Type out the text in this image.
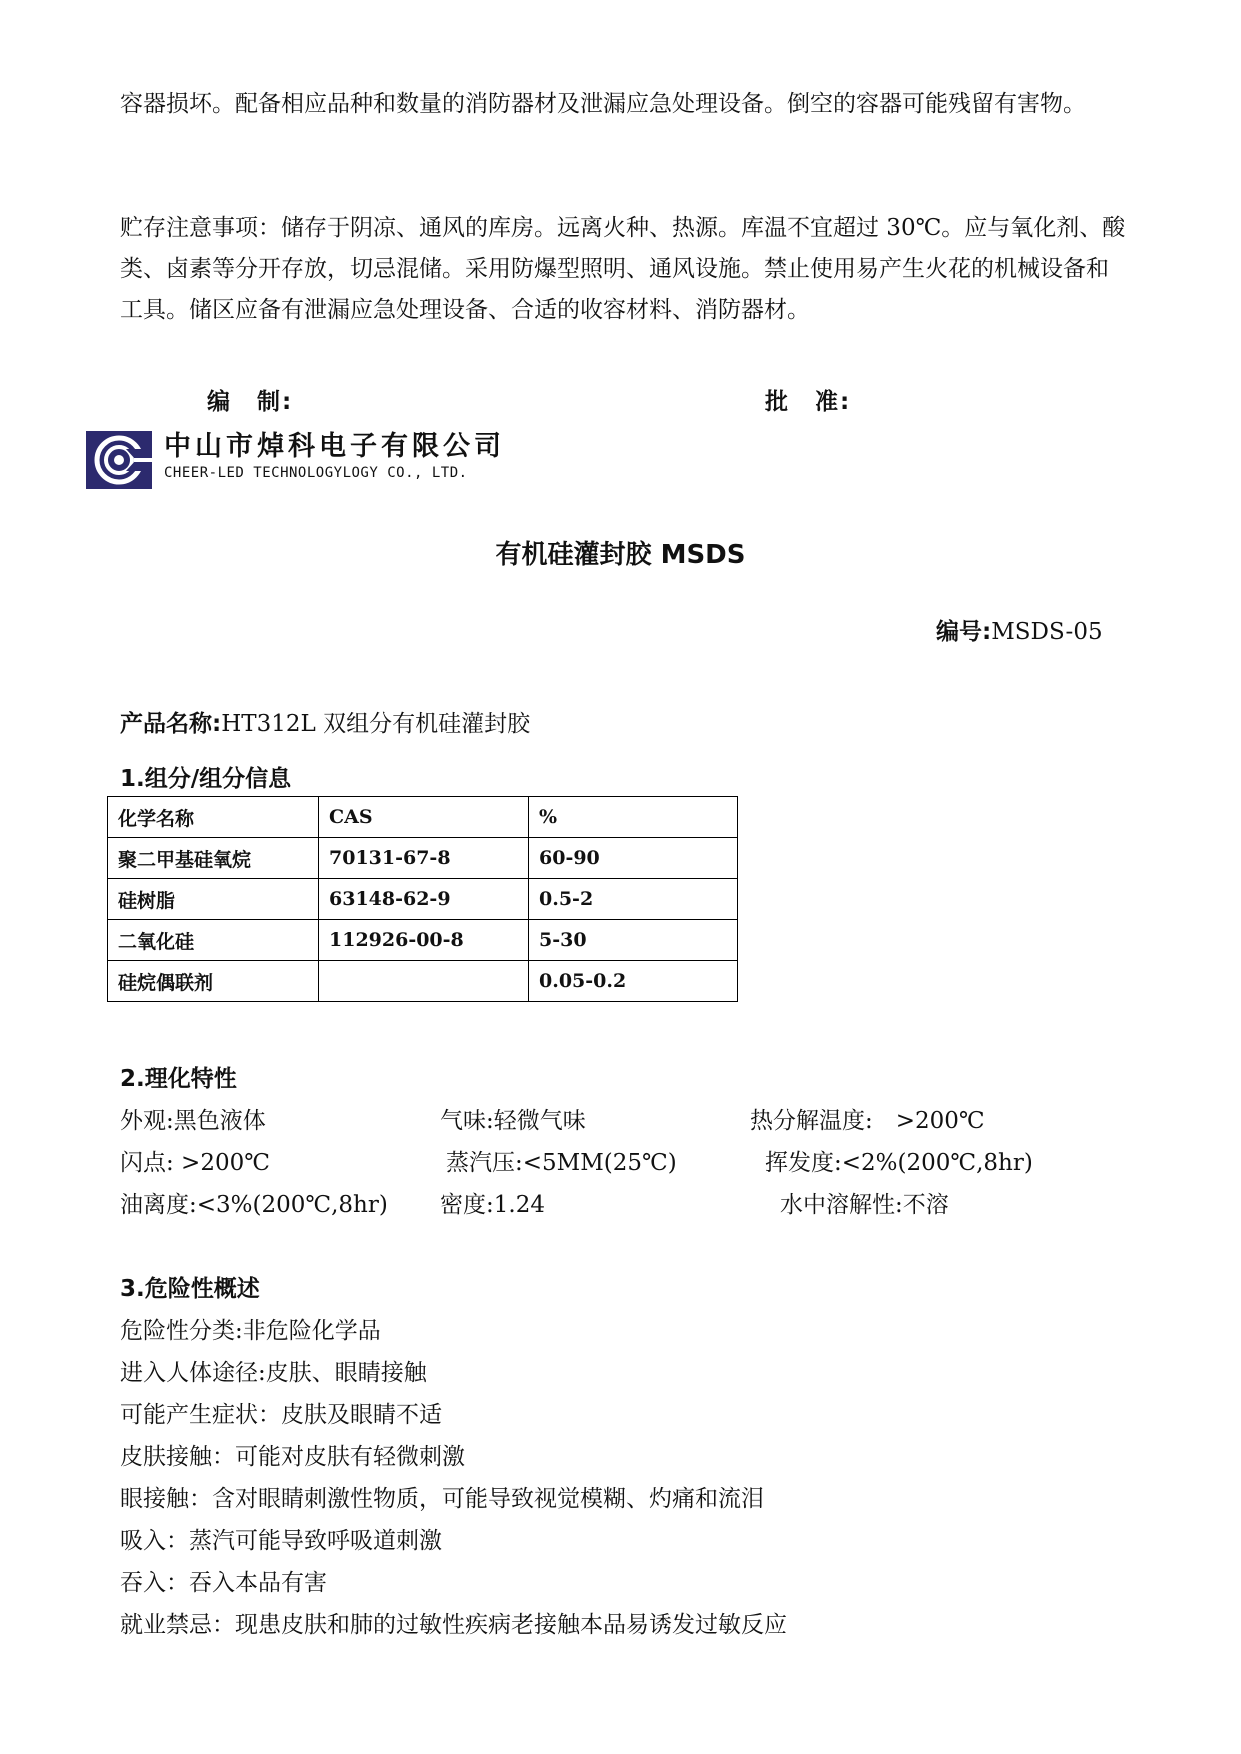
容器损坏。配备相应品种和数量的消防器材及泄漏应急处理设备。倒空的容器可能残留有害物。
贮存注意事项：储存于阴凉、通风的库房。远离火种、热源。库温不宜超过 30℃。应与氧化剂、酸类、卤素等分开存放，切忌混储。采用防爆型照明、通风设施。禁止使用易产生火花的机械设备和工具。储区应备有泄漏应急处理设备、合适的收容材料、消防器材。
编　制:	批　准:
中山市焯科电子有限公司
CHEER-LED TECHNOLOGYLOGY CO., LTD.
有机硅灌封胶 MSDS
编号:MSDS-05
产品名称:HT312L 双组分有机硅灌封胶
1.组分/组分信息
化学名称	CAS	%
聚二甲基硅氧烷	70131-67-8	60-90
硅树脂	63148-62-9	0.5-2
二氧化硅	112926-00-8	5-30
硅烷偶联剂		0.05-0.2
2.理化特性
外观:黑色液体	气味:轻微气味	热分解温度:　>200℃
闪点: >200℃	蒸汽压:<5MM(25℃)	挥发度:<2%(200℃,8hr)
油离度:<3%(200℃,8hr) 密度:1.24	水中溶解性:不溶
3.危险性概述
危险性分类:非危险化学品
进入人体途径:皮肤、眼睛接触
可能产生症状：皮肤及眼睛不适
皮肤接触：可能对皮肤有轻微刺激
眼接触：含对眼睛刺激性物质，可能导致视觉模糊、灼痛和流泪
吸入：蒸汽可能导致呼吸道刺激
吞入：吞入本品有害
就业禁忌：现患皮肤和肺的过敏性疾病老接触本品易诱发过敏反应
